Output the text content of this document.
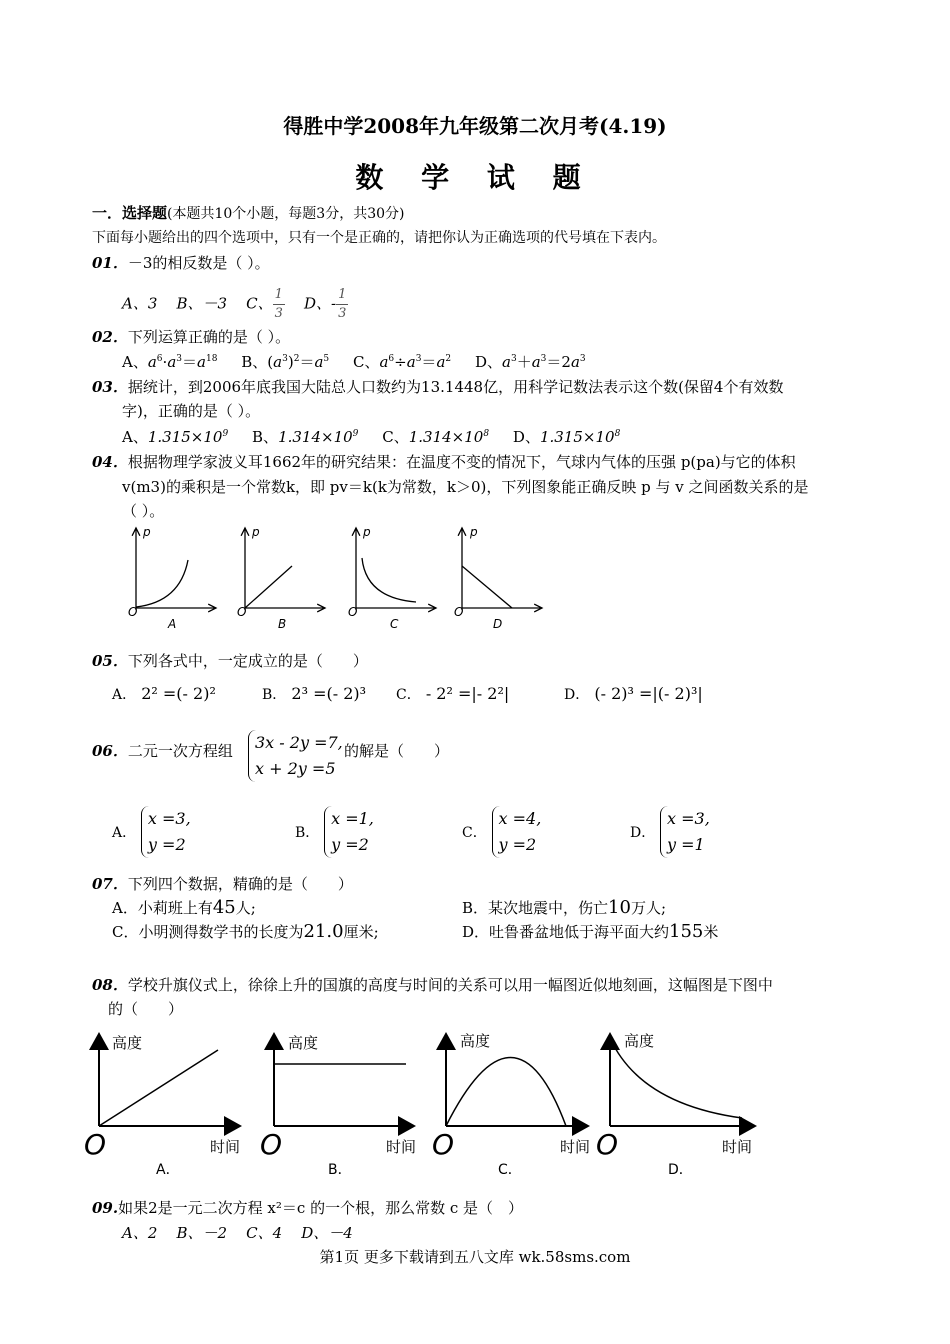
得胜中学2008年九年级第二次月考(4.19)
数 学 试 题
一．选择题(本题共10个小题，每题3分，共30分)
下面每小题给出的四个选项中，只有一个是正确的，请把你认为正确选项的代号填在下表内。
01．－3的相反数是（ ）。
A、3 B、－3 C、 $\frac{1}{3}$ D、- $\frac{1}{3}$
02．下列运算正确的是（ ）。
A、$a^6\cdot a^3=a^{18}$ B、$(a^3)^2=a^5$ C、$a^6\div a^3=a^2$ D、$a^3+a^3=2a^3$
03．据统计，到2006年底我国大陆总人口数约为13.1448亿，用科学记数法表示这个数(保留4个有效数
字)，正确的是（ ）。
A、$1.315\times 10^9$ B、$1.314\times 10^9$ C、$1.314\times 10^8$ D、$1.315\times 10^8$
04．根据物理学家波义耳1662年的研究结果：在温度不变的情况下，气球内气体的压强 p(pa)与它的体积
v(m3)的乘积是一个常数k，即 pv＝k(k为常数，k＞0)，下列图象能正确反映 p 与 v 之间函数关系的是
（ ）。
p
O
A
p
O
B
p
O
C
p
O
D
05．下列各式中，一定成立的是（　　）
A． 2² =(- 2)²	B． 2³ =(- 2)³ C． - 2² =|- 2²|	D． (- 2)³ =|(- 2)³|
06．二元一次方程组 3x - 2y =7,
x + 2y =5
的解是（　　）
A．
x =3,
y =2
B．
x =1,
y =2
C．
x =4,
y =2
D．
x =3,
y =1
07．下列四个数据，精确的是（　　）
A．小莉班上有45人;	B．某次地震中，伤亡10万人;
C．小明测得数学书的长度为21.0厘米;	D．吐鲁番盆地低于海平面大约155米
08．学校升旗仪式上，徐徐上升的国旗的高度与时间的关系可以用一幅图近似地刻画，这幅图是下图中
的（　　）
高度
时间
O
A．
高度
时间
O
B．
高度
时间
O
C．
高度
时间
O
D．
09.如果2是一元二次方程 x²＝c 的一个根，那么常数 c 是（　）
A、2 B、－2 C、4 D、－4
第1页 更多下载请到五八文库 wk.58sms.com
